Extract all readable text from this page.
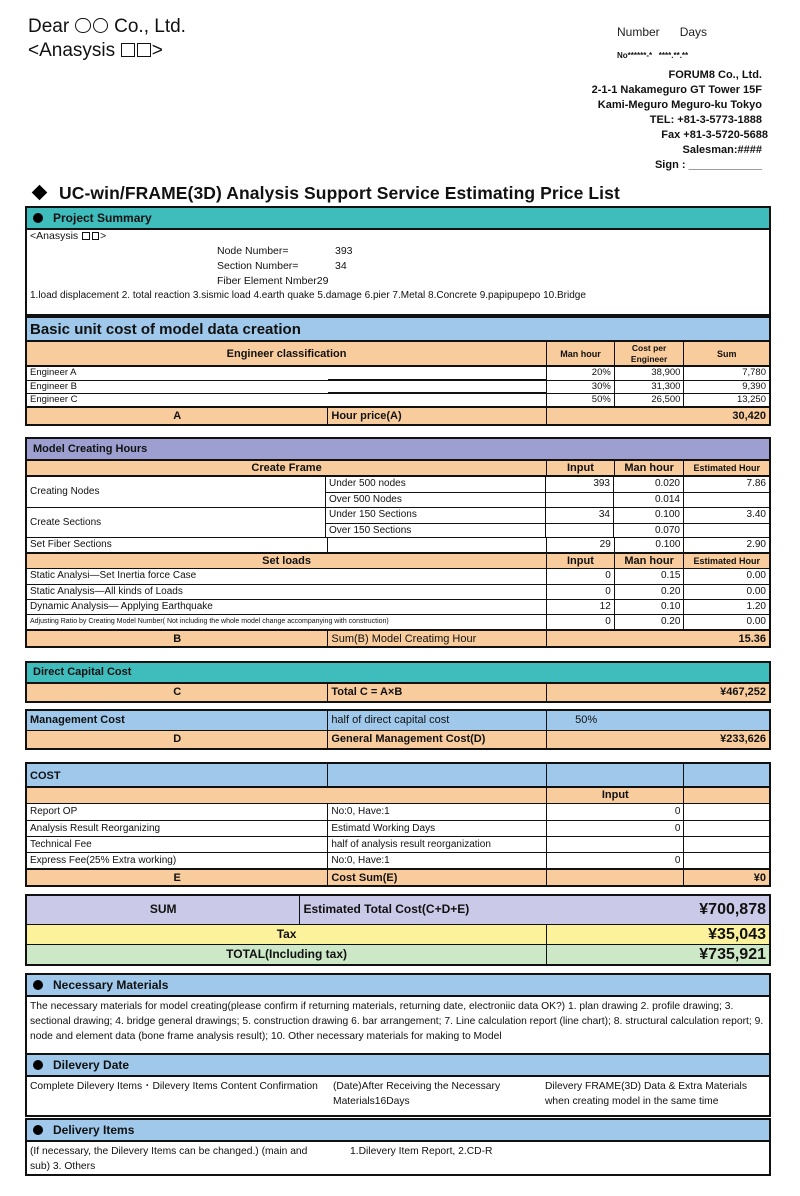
Dear Co., Ltd.
<Anasysis >
Number Days
No******-* ****.**.**
FORUM8 Co., Ltd.
2-1-1 Nakameguro GT Tower 15F
Kami-Meguro Meguro-ku Tokyo
TEL: +81-3-5773-1888
Fax +81-3-5720-5688
Salesman:####
Sign : ____________
UC-win/FRAME(3D) Analysis Support Service Estimating Price List
Project Summary
<Anasysis >
Node Number=	393
Section Number=	34
Fiber Element Nmber29
1.load displacement 2. total reaction 3.sismic load 4.earth quake 5.damage 6.pier 7.Metal 8.Concrete 9.papipupepo 10.Bridge
Basic unit cost of model data creation
Engineer classification	Man hour
Cost per Engineer	Sum
Engineer A	20%	38,900	7,780
Engineer B	30%	31,300	9,390
Engineer C	50%	26,500	13,250
A	Hour price(A)	30,420
Model Creating Hours
Create Frame	Input	Man hour	Estimated Hour
Creating Nodes
Under 500 nodes	393	0.020	7.86
Over 500 Nodes	0.014
Create Sections
Under 150 Sections	34	0.100	3.40
Over 150 Sections	0.070
Set Fiber Sections	29	0.100	2.90
Set loads	Input	Man hour	Estimated Hour
Static Analysi—Set Inertia force Case	0	0.15	0.00
Static Analysis—All kinds of Loads	0	0.20	0.00
Dynamic Analysis— Applying Earthquake	12	0.10	1.20
Adjusting Ratio by Creating Model Number( Not including the whole model change accompanying with construction)	0	0.20	0.00
B	Sum(B) Model Creatimg Hour	15.36
Direct Capital Cost
C	Total C = A×B	¥467,252
Management Cost	half of direct capital cost	50%
D	General Management Cost(D)	¥233,626
COST
Input
Report OP	No:0, Have:1	0
Analysis Result Reorganizing	Estimatd Working Days	0
Technical Fee	half of analysis result reorganization
Express Fee(25% Extra working)	No:0, Have:1	0
E	Cost Sum(E)	¥0
SUM	Estimated Total Cost(C+D+E)	¥700,878
Tax	¥35,043
TOTAL(Including tax)	¥735,921
Necessary Materials
The necessary materials for model creating(please confirm if returning materials, returning date, electroniic data OK?) 1. plan drawing 2. profile drawing; 3. sectional drawing; 4. bridge general drawings; 5. construction drawing 6. bar arrangement; 7. Line calculation report (line chart); 8. structural calculation report; 9. node and element data (bone frame analysis result); 10. Other necessary materials for making to Model
Dilevery Date
Complete Dilevery Items・Dilevery Items Content Confirmation	(Date)After Receiving the Necessary Materials16Days
Dilevery FRAME(3D) Data & Extra Materials when creating model in the same time
Delivery Items
(If necessary, the Dilevery Items can be changed.) (main and sub) 3. Others
1.Dilevery Item Report, 2.CD-R
